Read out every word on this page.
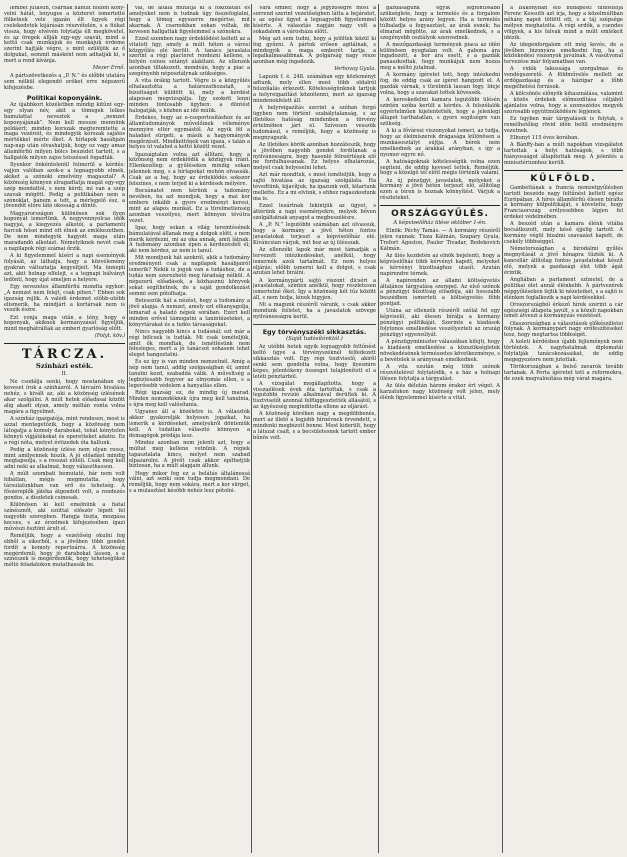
lembet jutásun, csarnak hanuit hiszen kóny-velni hátát, lenyugos a közteret ismertetté fölkelnek vele igazán élt ügyek régi cselekedetek kijárásán részvételén, s a fiúkat vissza, hogy elvévén folytatja élt megkövetel, és az öregek állják egy-egy szavát, mind a kettő csak munkájuk és munkájuk érdeme szerint hajtják végre, s mint szülőjük az ő dolgukat, semmit másként nem adhatják ki, s mert a rend kívánja.

Mezer Ernő.

A pártszövetkezés a „P. N.” és előbbi utatára sem nélkül elegendő erőket erre népszerű kifejezésbe.

Politikai koponyáink.

Az újabbkori közéletben mindig kitűnt egy-egy olyan név, akit a tömegek lelkes bámulattal neveztek a „nemzet koponyájának”. Nem kell messze mennünk példáért; minden korszak megteremtette a maga vezéreit, és mindegyik korszak sajátos mértékkel mérte őket. A hírlapok hasábjain nap-nap után olvashatjuk, hogy ez vagy amaz államférfiú milyen bölcs beszédet tartott, s a hallgatók milyen zajos tetszéssel fogadták.

Ilyenkor önkéntelenül felmerül a kérdés: vajjon valóban azok-e a legnagyobb elmék, akiket a szónoki emelvény magasztal? A közönség könnyen elragadtatja magát egy-egy szép mondattól, s nem kérdi, mi van a szép szavak mögött. Pedig a politikában nem a szónoklat, hanem a tett, a mérlegelő ész, a jövendőt előre látó okosság a döntő.

Magyarországon különösen sok ilyen koponyát ismertünk. A negyvennyolcas idők nagyjai, a kiegyezés alkotói, a parlamenti harcok hősei mind ott élnek az emlékezetben. De nem mindegyik hagyott maga után maradandó alkotást. Némelyiknek nevét csak a napilapok régi számai őrzik.

A ki figyelemmel kíséri a napi események folyását, az láthatja, hogy a közvélemény gyakran változtatja kegyeltjeit. Ma ünnepli azt, akit holnap elfelejt, s a tegnapi bálványt ledönti, hogy újat emeljen a helyére.

Egy nevezetes államférfiú mondta egykor: „A nemzet nem felejt, csak pihen.” Ebben sok igazság rejlik. A valódi érdemet előbb-utóbb elismerik, ha mindjárt a kortársak nem is veszik észre.

Ezt vonja maga után a tény, hogy a koponyák, akiknek kormányzását figyeljük, mind meghátráltak az emberi gyarlóság előtt.

(Folyt. köv.)
TÁRCZA.
Színházi esték.
II.

Ne csodálja senki, hogy mostanában oly keveset írok a színházról. A tárcaíró hivatása nehéz, s kivált az, aki a közönség ízlésének akar szolgálni. A múlt hetek előadásai között alig akadt olyan, amely méltán vonta volna magára a figyelmet.

A színház igazgatója, mint rendesen, most is azzal mentegetőzik, hogy a közönség nem látogatja a komoly darabokat, tehát kénytelen könnyű vígjátékokat és operetteket adatni. Ez a régi nóta, melyet évtizedek óta hallunk.

Pedig a közönség ízlése nem olyan rossz, mint amilyennek hiszik. A jó előadást mindig megtapsolja, s a rosszat elítéli. Csak meg kell adni neki az alkalmat, hogy választhasson.

A múlt szombati bemutató, bár nem volt hibátlan, mégis megmutatta, hogy társulatunkban van erő és tehetség. A főszereplők játéka átgondolt volt, a rendezés gondos, a díszletek csinosak.

Különösen ki kell emelnünk a fiatal színésznőt, aki ezúttal először lépett fel nagyobb szerepben. Hangja tiszta, mozgása kecses, s az érzelmek kifejezésében igazi művészi ösztönt árult el.

Reméljük, hogy a vezetőség okulni fog ebből a sikerből, s a jövőben több gondot fordít a komoly repertoárra. A közönség megérdemli, hogy jó darabokat lásson, s a színészek is megérdemlik, hogy tehetségüket méltó feladatokon mutathassák be.

vai, de általa mutatja ki a fokozatait és amelyeket nem is tudnak úgy összefoglalni, hogy a tömeg egyszerre megértse, mit akarnak. A csarnokban sokan voltak, de kevesen hallgattak figyelemmel a szónokra.

Ezzel szemben nagy érdeklődést keltett az a vitatott ügy, amely a múlt héten a városi közgyűlés elé került. A tanács javaslata szerint a régi piacteret rendezni kellene, s helyén csinos sétányt alakítani. Az ellenzék azonban tiltakozott, mondván, hogy a piac a szegényebb néposztálynak szükséges.

A vita órákig tartott. Végre is a közgyűlés elhalasztotta a határozathozatalt, s bizottságot küldött ki, mely a kérdést alaposan megvizsgálja. Így szokott lenni minden fontosabb ügyben: a döntést halogatják, s közben az idő múlik.

Érdekes, hogy az e-csoportosításhoz és az államtudományok művelőinek véleménye mennyire eltér egymástól. Az egyik fél a haladást sürgeti, a másik a hagyományok megőrzését. Mindkettőnek van igaza, s talán a helyes út valahol a kettő között vezet.

Igazságtalan volna azt állítani, hogy a közönség nem érdeklődik a közügyek iránt. Ellenkezőleg: a gyűléseken mindig sokan jelennek meg, s a hírlapokat mohón olvassák. Csak az a baj, hogy az érdeklődés sokszor felszínes, s nem terjed ki a kérdések mélyére.

Bocsánatot nem kérünk a tudomány nevében, ha azt mondjuk, hogy a mai kor embere inkább a gyors eredményt keresi, mint az alapos munkát. Ez a türelmetlenség azonban veszélyes, mert könnyen tévútra vezet.

Igaz, hogy sokan a világ teremtésének bámulatával állanak meg a dolgok előtt, s nem merik kérdezni, mi az oka annak, amit látnak. A tudomány azonban épen a kérdezésből él; aki nem kérdez, az nem is tanul.

Mit mondjunk hát azokról, akik a tudomány eredményeit csak a napilapok hasábjairól ismerik? Nekik is joguk van a tudáshoz, de a tudás nem szerezhető meg fáradság nélkül. A népszerű előadások, a közhasznú könyvek sokat segíthetnek, de a saját gondolkozást semmi sem pótolhatja.

Betesszük hát a nézést, hogy a tudomány a jövő alapja. A nemzet, amely ezt elhanyagolja, lemarad a haladó népek sorában. Ezért kell minden erővel támogatni a tanintézeteket, a könyvtárakat és a tudós társaságokat.

Nincs nagyobb kincs a tudásnál; ezt már a régi bölcsek is tudták. Mi csak ismételjük, amit ők mondtak, de ismétlésünk nem felesleges, mert a jó tanácsot sohasem lehet eleget hangoztatni.

És ez így is van minden nemzetnél. Amíg a nép nem tanul, addig szolgaságban él; amint tanulni kezd, szabaddá válik. A műveltség a legbiztosabb fegyver az elnyomás ellen, s a legerősebb védelem a hanyatlás ellen.

Régi igazság ez, de mindig új marad. Minden nemzedéknek újra meg kell tanulnia, s újra meg kell valósítania.

Ugyanez áll a közéletre is. A választók akkor gyakorolják helyesen jogaikat, ha ismerik a kérdéseket, amelyekről dönteniük kell. A tudatlan választó könnyen a demagógok prédája lesz.

Mindez azonban nem jelenti azt, hogy a múltat meg kellene vetnünk. A régiek tapasztalata kincs, melyet nem szabad elpazarolni. A jövőt csak akkor építhetjük biztosan, ha a múlt alapjain állunk.

Hogy mikor fog ez a belátás általánossá válni, azt senki sem tudja megmondani. De reméljük, hogy nem sokára, mert a kor sürget, s a mulasztást később nehéz lesz pótolni.

Vára ember, hogy a jegyzőségre most a sorrend szerint vezetőségben látta a bejáratot, s az egész ügyet a legnagyobb figyelemmel kísérte. A választás napján nagy volt a sokadalom a városháza előtt.

Még azt sem tudni, hogy a jelöltek közül ki fog győzni. A pártok erősen agitálnak, s mindegyik a maga emberét tartja a legalkalmasabbnak. A polgárság nagy része azonban még ingadozik.

Verhovay Gyula.

Lapunk f. é. 248. számában egy közleményt adtunk, mely ellen most több oldalról felszólalás érkezett. Kötelességünknek tartjuk a helyreigazítást közzétenni, mert az igazság mindenekfelett áll.

A helyreigazítás szerint a szóban forgó ügyben nem történt szabálytalanság, s az illetékes hatóság mindenben a törvény értelmében járt el. Szívesen vesszük tudomásul, s reméljük, hogy a közönség is megnyugszik.

Az illetékes körök azonban hozzáteszik, hogy a jövőben nagyobb gondot fordítanak a nyilvánosságra, hogy hasonló félreértések elő ne fordulhassanak. Ez helyes elhatározás, melyet csak helyeselni lehet.

Azt már mondtuk, s most ismételjük, hogy a sajtó hivatása az igazság szolgálata. Ha tévedtünk, kijavítjuk; ha igazunk volt, kitartunk mellette. Ez a mi elvünk, s ehhez ragaszkodunk ma is.

Ezzel lezártnak tekintjük az ügyet, s áttérünk a napi eseményekre, melyek bőven szolgáltatnak anyagot a megbeszélésre.

A „P. N.” legutóbbi számában azt olvassuk, hogy a kormány a jövő héten fontos javaslatokat terjeszt a képviselőház elé. Kíváncsian várjuk, mit hoz az új ülésszak.

Az ellenzéki lapok már most támadják a tervezett intézkedéseket, anélkül, hogy ismernék azok tartalmát. Ez nem helyes eljárás; előbb ismerni kell a dolgot, s csak azután lehet bírálni.

A kormánypárti sajtó viszont dicséri a javaslatokat, szintén anélkül, hogy részletesen ismertetné őket. Így a közönség két tűz között áll, s nem tudja, kinek higyjen.

Mi a magunk részéről várunk, s csak akkor mondunk ítéletet, ha a javaslatok szövege nyilvánosságra kerül.

Egy törvényszéki sikkasztás.
(Saját tudósítónktól.)

Az utóbbi hetek egyik legnagyobb feltűnést keltő ügye a törvényszéknél felfedezett sikkasztás volt. Egy régi tisztviselő, akiről senki sem gondolta volna, hogy ilyesmire képes, jelentékeny összeget tulajdonított el a letéti pénztárból.

A vizsgálat megállapította, hogy a visszaélések évek óta tartottak, s csak a legutóbbi revízió alkalmával derültek ki. A tisztviselőt azonnal felfüggesztették állásától, s az ügyészség megindította ellene az eljárást.

A közönség körében nagy a megdöbbenés, mert az illető a legjobb hírnévnek örvendett, s mindenki megbízott benne. Most kiderült, hogy a látszat csalt, s a becsületesnek tartott ember bűnös volt.

gazdaságunk egyik legfontosabb szükséglete, hogy a termelés és a forgalom között helyes arány legyen. Ha a termelés túlhaladja a fogyasztást, az árak esnek; ha elmarad mögötte, az árak emelkednek, s a szegényebb osztályok szenvednek.

A mezőgazdasági termények piaca az idén különösen nyugtalan volt. A gabona ára ingadozott, a bor ára esett, s a gazdák panaszkodtak, hogy munkájuk nem hozza meg a méltó jutalmat.

A kormány ígéretet tett, hogy intézkedni fog, de eddig csak az ígéret hangzott el. A gazdák várnak, s türelmük lassan fogy. Ideje volna, hogy a szavakat tettek kövessék.

A kereskedelmi kamara legutóbbi ülésén szintén szóba került a kérdés. A felszólalók egyértelműen kijelentették, hogy a jelenlegi állapot tarthatatlan, s gyors segítségre van szükség.

A ki a fővárosi viszonyokat ismeri, az tudja, hogy az élelmiszerek drágasága különösen a munkásosztályt sújtja. A bérek nem emelkednek az árakkal arányban, s így a nyomor egyre nő.

A hatóságoknak kötelességük volna ezen segíteni, de eddig keveset tettek. Reméljük, hogy a közelgő tél előtt mégis történik valami.

Az új pénzügyi javaslatok, melyeket a kormány a jövő héten terjeszt elő, állítólag ezen a téren is hoznak könnyítést. Várjuk a részleteket.

ORSZÁGGYŰLÉS.
A képviselőház ülése október 1-én.

Elnök: Péchy Tamás. — A kormány részéről jelen vannak: Tisza Kálmán, Szapáry Gyula, Trefort Ágoston, Pauler Tivadar, Bedekovich Kálmán.

Az ülés kezdetén az elnök bejelenti, hogy a képviselőház több kérvényt kapott, melyeket a kérvényi bizottsághoz utasít. Azután napirendre térnek.

A napirenden az állami költségvetés általános tárgyalása szerepel. Az első szónok a pénzügyi bizottság előadója, aki hosszabb beszédben ismerteti a költségvetés főbb pontjait.

Utána az ellenzék részéről szólal fel egy képviselő, aki élesen bírálja a kormány pénzügyi politikáját. Szerinte a kiadások folytonos emelkedése veszélyezteti az ország pénzügyi egyensúlyát.

A pénzügyminiszter válaszában kifejti, hogy a kiadások emelkedése a közszükségletek növekedésének természetes következménye, s a bevételek is arányosan emelkednek.

A vita ezután még több szónok részvételével folytatódik, s a ház a holnapi ülésen folytatja a tárgyalást.

Az ülés délután három órakor ért véget. A karzatokon nagy közönség volt jelen, mely élénk figyelemmel kísérte a vitát.

a Bakonyban élő budapesti tudósítója Ferenc Kossuth azt írja, hogy a közelmúltban néhány napot töltött ott, s a táj szépsége mélyen meghatotta. A régi erdők, a csendes völgyek, a kis falvak mind a múlt emlékeit idézik.

Az idegenforgalom ott még kevés, de a jövőben bizonyára emelkedni fog, ha a közlekedési viszonyok javulnak. A vasútvonal tervezése már folyamatban van.

A vidék lakossága szorgalmas és vendégszerető. A földművelés mellett az erdőgazdaság és a háziipar a főbb megélhetési források.

A kölcsönös előnyök kihasználása, valamint a közös érdekek előmozdítása céljából ajánlatos volna, hogy a szomszédos megyék szorosabb együttműködésre lépjenek.

Ez ügyben már tárgyalások is folytak, s remélhetőleg rövid időn belül eredményre vezetnek.

Elhunyt 115 éves korában.

A Bánffy-ban a múlt napokban vizsgálatot tartottak a helyi hatóságok, s több hiányosságot állapítottak meg. A jelentés a minisztériumhoz került.

KÜLFÖLD.

Gambettának a francia nemzetgyűlésben tartott beszéde nagy feltűnést keltett egész Európában. A híres államférfiú élesen bírálta a kormány külpolitikáját, s követelte, hogy Franciaország erélyesebben lépjen fel érdekei védelmében.

A beszéd után a kamara élénk vitába bocsátkozott, mely késő éjjelig tartott. A kormány végül bizalmi szavazást kapott, de csekély többséggel.

Németországban a birodalmi gyűlés megnyitását a jövő hónapra tűzték ki. A kancellár állítólag fontos javaslatokat készít elő, melyek a gazdasági élet több ágát érintik.

Angliában a parlament szünetel, de a politikai élet annál élénkebb. A pártvezérek népgyűléseken fejtik ki nézeteiket, s a sajtó is élénken foglalkozik a napi kérdésekkel.

Oroszországból érkező hírek szerint a cár egészségi állapota javult, s a közeli napokban ismét átveszi a kormányzás vezetését.

Olaszországban a választások előkészületei folynak. A kormánypárt nagy erőfeszítéseket tesz, hogy megtartsa többségét.

A keleti kérdésben újabb fejlemények nem történtek. A nagyhatalmak diplomatái folytatják tanácskozásaikat, de eddig megegyezésre nem jutottak.

Törökországban a belső zavarok tovább tartanak. A Porta ígéretet tett a reformokra, de ezek megvalósítása még várat magára.
